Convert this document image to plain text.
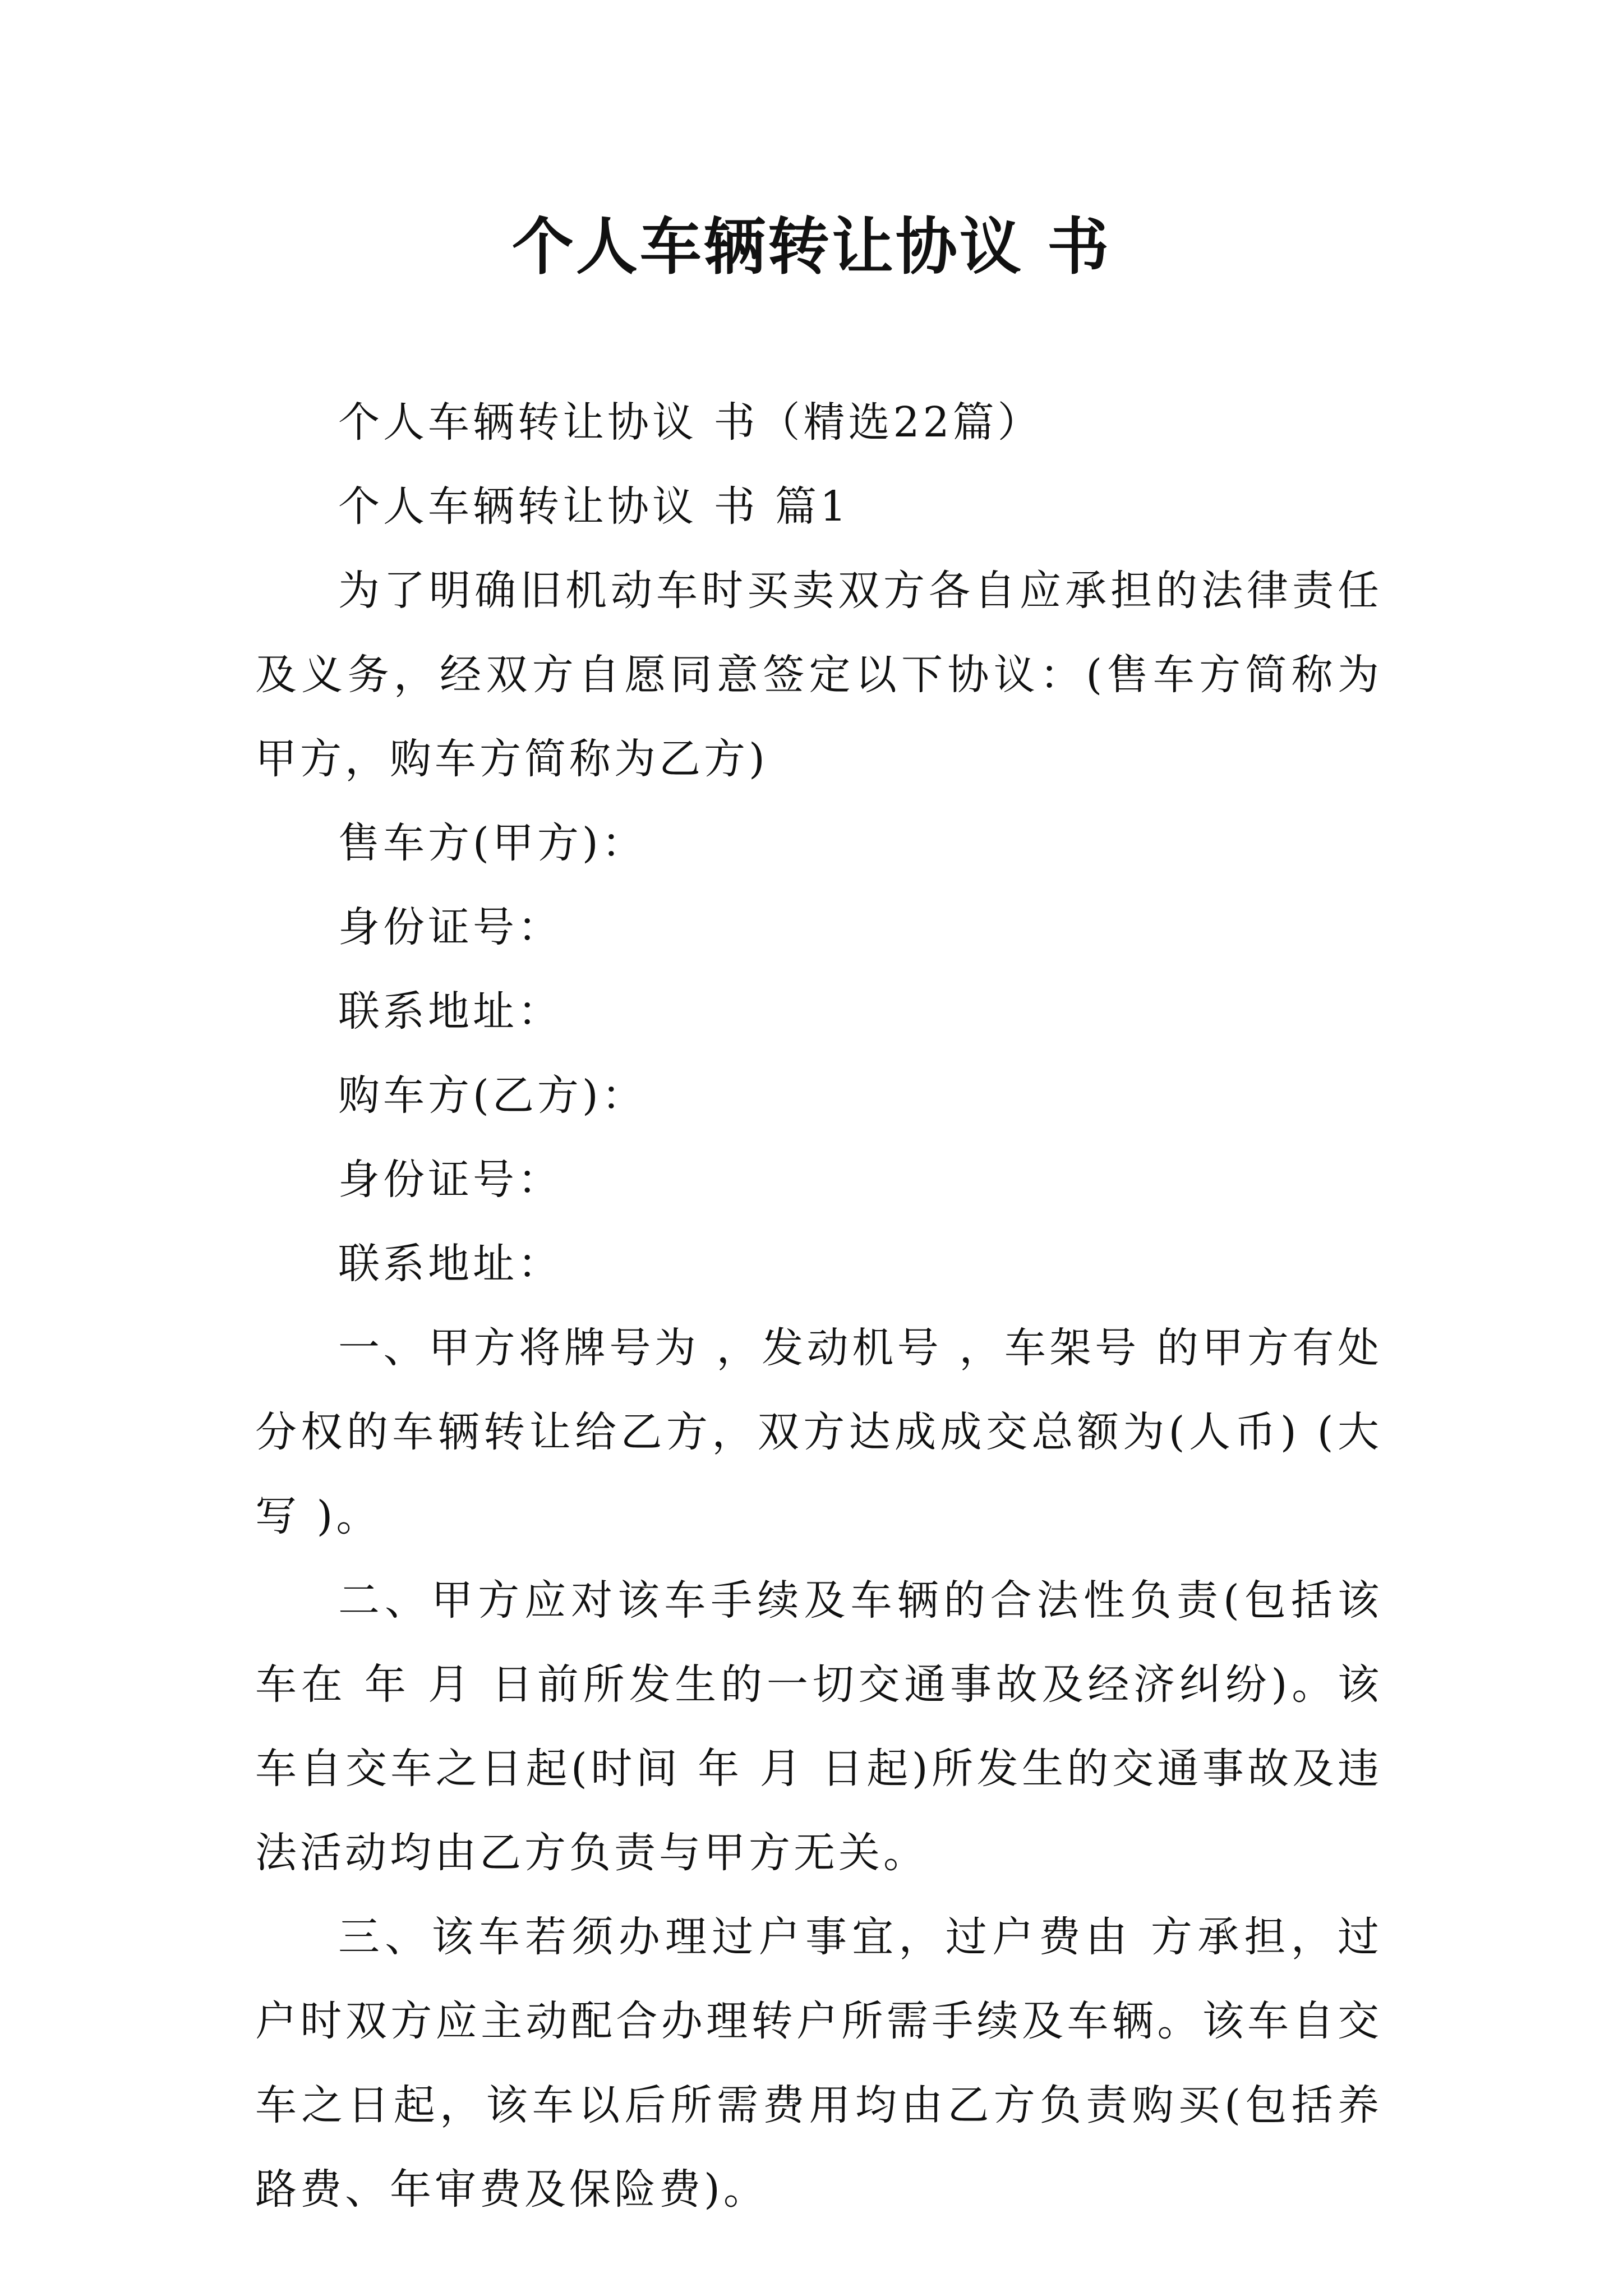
个人车辆转让协议 书

个人车辆转让协议 书（精选22篇）

个人车辆转让协议 书 篇1

为了明确旧机动车时买卖双方各自应承担的法律责任及义务，经双方自愿同意签定以下协议：(售车方简称为甲方，购车方简称为乙方)

售车方(甲方)：

身份证号：

联系地址：

购车方(乙方)：

身份证号：

联系地址：

一、甲方将牌号为 ，发动机号 ，车架号 的甲方有处分权的车辆转让给乙方，双方达成成交总额为(人币) (大写 )。

二、甲方应对该车手续及车辆的合法性负责(包括该车在 年 月 日前所发生的一切交通事故及经济纠纷)。该车自交车之日起(时间 年 月 日起)所发生的交通事故及违法活动均由乙方负责与甲方无关。

三、该车若须办理过户事宜，过户费由 方承担，过户时双方应主动配合办理转户所需手续及车辆。该车自交车之日起，该车以后所需费用均由乙方负责购买(包括养路费、年审费及保险费)。
